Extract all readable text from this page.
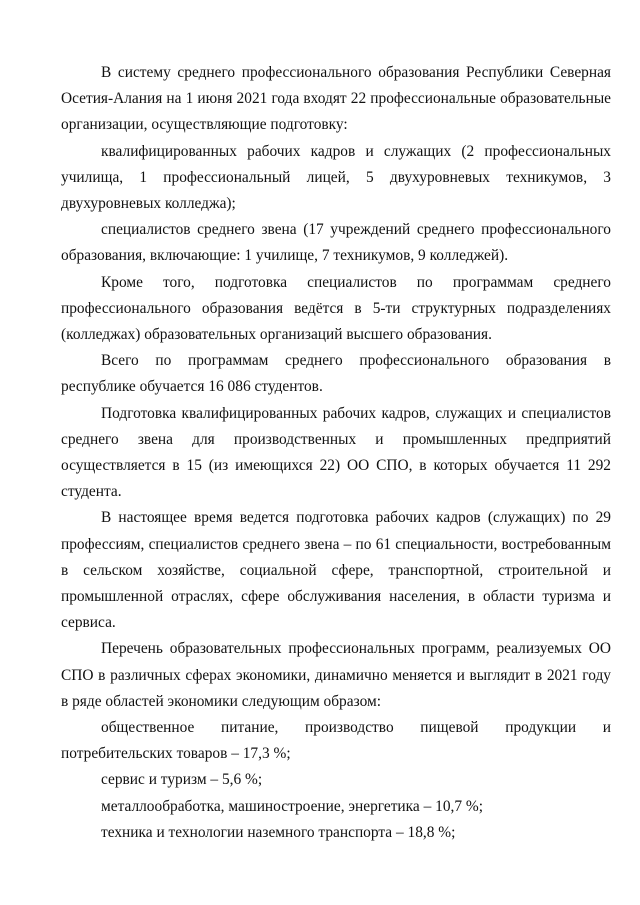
В систему среднего профессионального образования Республики Северная Осетия-Алания на 1 июня 2021 года входят 22 профессиональные образовательные организации, осуществляющие подготовку:

квалифицированных рабочих кадров и служащих (2 профессиональных училища, 1 профессиональный лицей, 5 двухуровневых техникумов, 3 двухуровневых колледжа);

специалистов среднего звена (17 учреждений среднего профессионального образования, включающие: 1 училище, 7 техникумов, 9 колледжей).

Кроме того, подготовка специалистов по программам среднего профессионального образования ведётся в 5-ти структурных подразделениях (колледжах) образовательных организаций высшего образования.

Всего по программам среднего профессионального образования в республике обучается 16 086 студентов.

Подготовка квалифицированных рабочих кадров, служащих и специалистов среднего звена для производственных и промышленных предприятий осуществляется в 15 (из имеющихся 22) ОО СПО, в которых обучается 11 292 студента.

В настоящее время ведется подготовка рабочих кадров (служащих) по 29 профессиям, специалистов среднего звена – по 61 специальности, востребованным в сельском хозяйстве, социальной сфере, транспортной, строительной и промышленной отраслях, сфере обслуживания населения, в области туризма и сервиса.

Перечень образовательных профессиональных программ, реализуемых ОО СПО в различных сферах экономики, динамично меняется и выглядит в 2021 году в ряде областей экономики следующим образом:

общественное питание, производство пищевой продукции и потребительских товаров – 17,3 %;

сервис и туризм – 5,6 %;

металлообработка, машиностроение, энергетика – 10,7 %;

техника и технологии наземного транспорта – 18,8 %;
